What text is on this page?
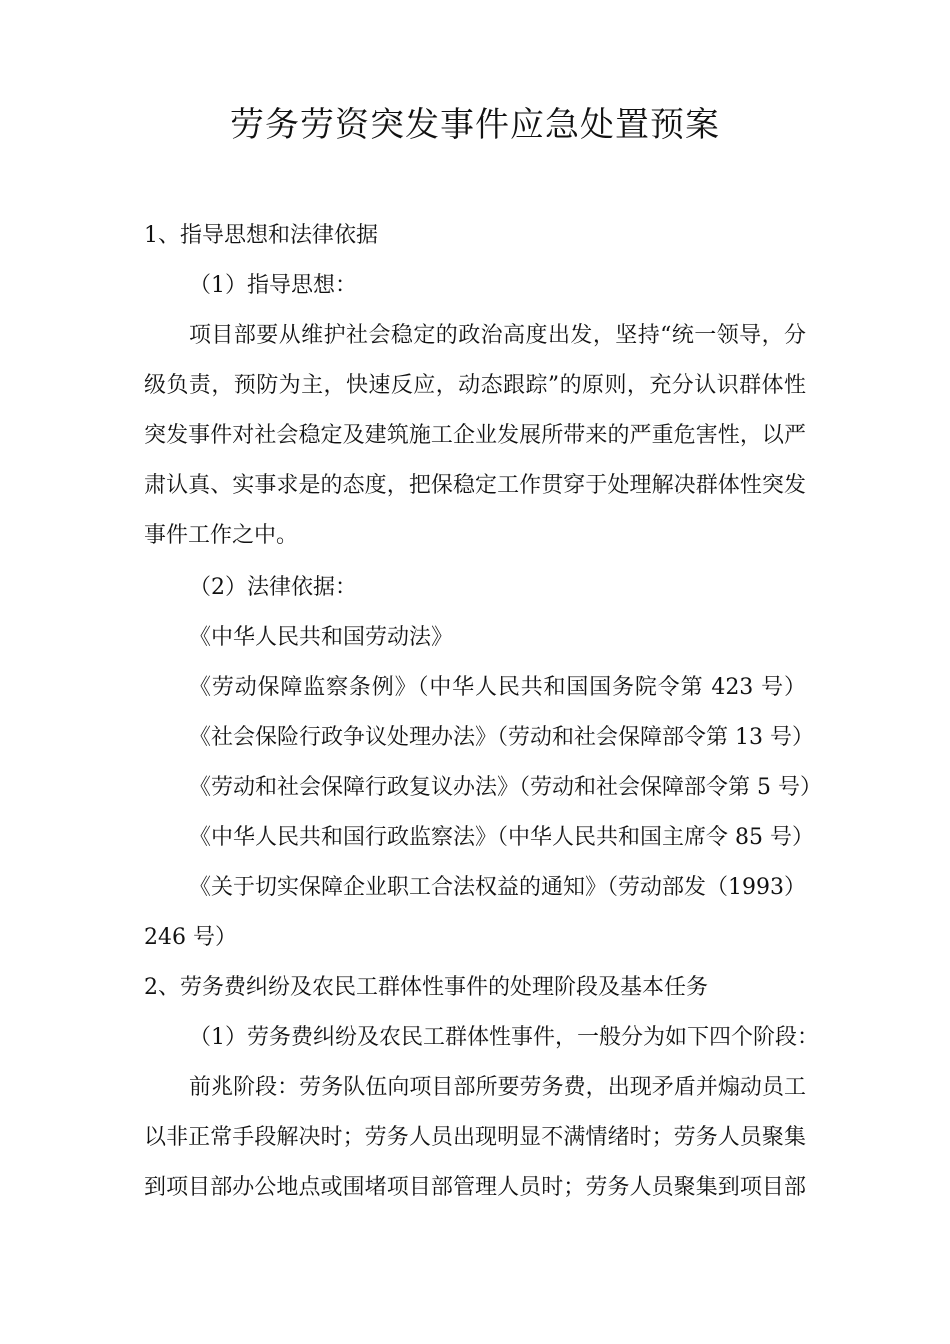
劳务劳资突发事件应急处置预案
1、指导思想和法律依据
（1）指导思想：
项目部要从维护社会稳定的政治高度出发，坚持“统一领导，分
级负责，预防为主，快速反应，动态跟踪”的原则，充分认识群体性
突发事件对社会稳定及建筑施工企业发展所带来的严重危害性，以严
肃认真、实事求是的态度，把保稳定工作贯穿于处理解决群体性突发
事件工作之中。
（2）法律依据：
《中华人民共和国劳动法》
《劳动保障监察条例》（中华人民共和国国务院令第 423 号）
《社会保险行政争议处理办法》（劳动和社会保障部令第 13 号）
《劳动和社会保障行政复议办法》（劳动和社会保障部令第 5 号）
《中华人民共和国行政监察法》（中华人民共和国主席令 85 号）
《关于切实保障企业职工合法权益的通知》（劳动部发（1993）
246 号）
2、劳务费纠纷及农民工群体性事件的处理阶段及基本任务
（1）劳务费纠纷及农民工群体性事件，一般分为如下四个阶段：
前兆阶段：劳务队伍向项目部所要劳务费，出现矛盾并煽动员工
以非正常手段解决时；劳务人员出现明显不满情绪时；劳务人员聚集
到项目部办公地点或围堵项目部管理人员时；劳务人员聚集到项目部
